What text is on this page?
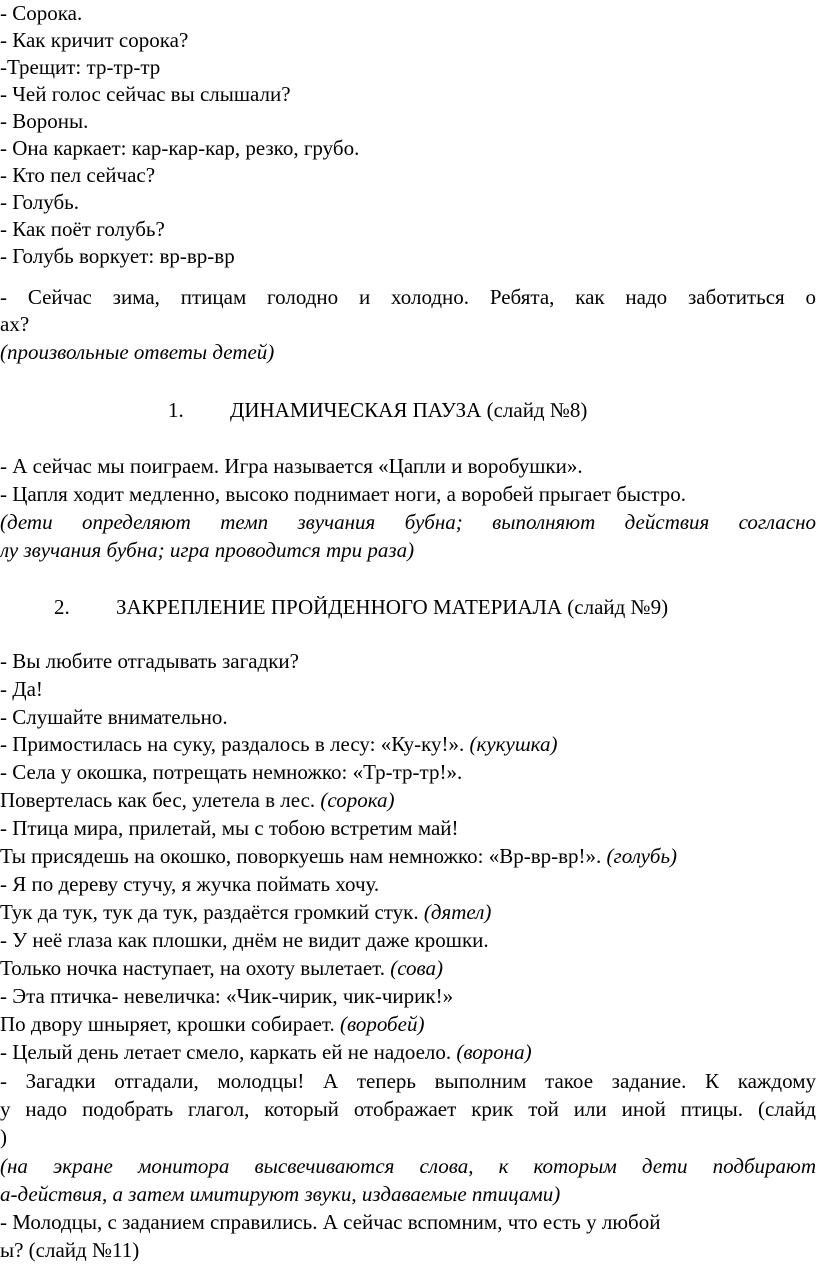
- Сорока.
- Как кричит сорока?
-Трещит: тр-тр-тр
- Чей голос сейчас вы слышали?
- Вороны.
- Она каркает: кар-кар-кар, резко, грубо.
- Кто пел сейчас?
- Голубь.
- Как поёт голубь?
- Голубь воркует: вр-вр-вр
- Сейчас зима, птицам голодно и холодно. Ребята, как надо заботиться о
ах?
(произвольные ответы детей)
1. ДИНАМИЧЕСКАЯ ПАУЗА (слайд №8)
- А сейчас мы поиграем. Игра называется «Цапли и воробушки».
- Цапля ходит медленно, высоко поднимает ноги, а воробей прыгает быстро.
(дети определяют темп звучания бубна; выполняют действия согласно
лу звучания бубна; игра проводится три раза)
2. ЗАКРЕПЛЕНИЕ ПРОЙДЕННОГО МАТЕРИАЛА (слайд №9)
- Вы любите отгадывать загадки?
- Да!
- Слушайте внимательно.
- Примостилась на суку, раздалось в лесу: «Ку-ку!». (кукушка)
- Села у окошка, потрещать немножко: «Тр-тр-тр!».
Повертелась как бес, улетела в лес. (сорока)
- Птица мира, прилетай, мы с тобою встретим май!
Ты присядешь на окошко, поворкуешь нам немножко: «Вр-вр-вр!». (голубь)
- Я по дереву стучу, я жучка поймать хочу.
Тук да тук, тук да тук, раздаётся громкий стук. (дятел)
- У неё глаза как плошки, днём не видит даже крошки.
Только ночка наступает, на охоту вылетает. (сова)
- Эта птичка- невеличка: «Чик-чирик, чик-чирик!»
По двору шныряет, крошки собирает. (воробей)
- Целый день летает смело, каркать ей не надоело. (ворона)
- Загадки отгадали, молодцы! А теперь выполним такое задание. К каждому
у надо подобрать глагол, который отображает крик той или иной птицы. (слайд
)
(на экране монитора высвечиваются слова, к которым дети подбирают
а-действия, а затем имитируют звуки, издаваемые птицами)
- Молодцы, с заданием справились. А сейчас вспомним, что есть у любой
ы? (слайд №11)
